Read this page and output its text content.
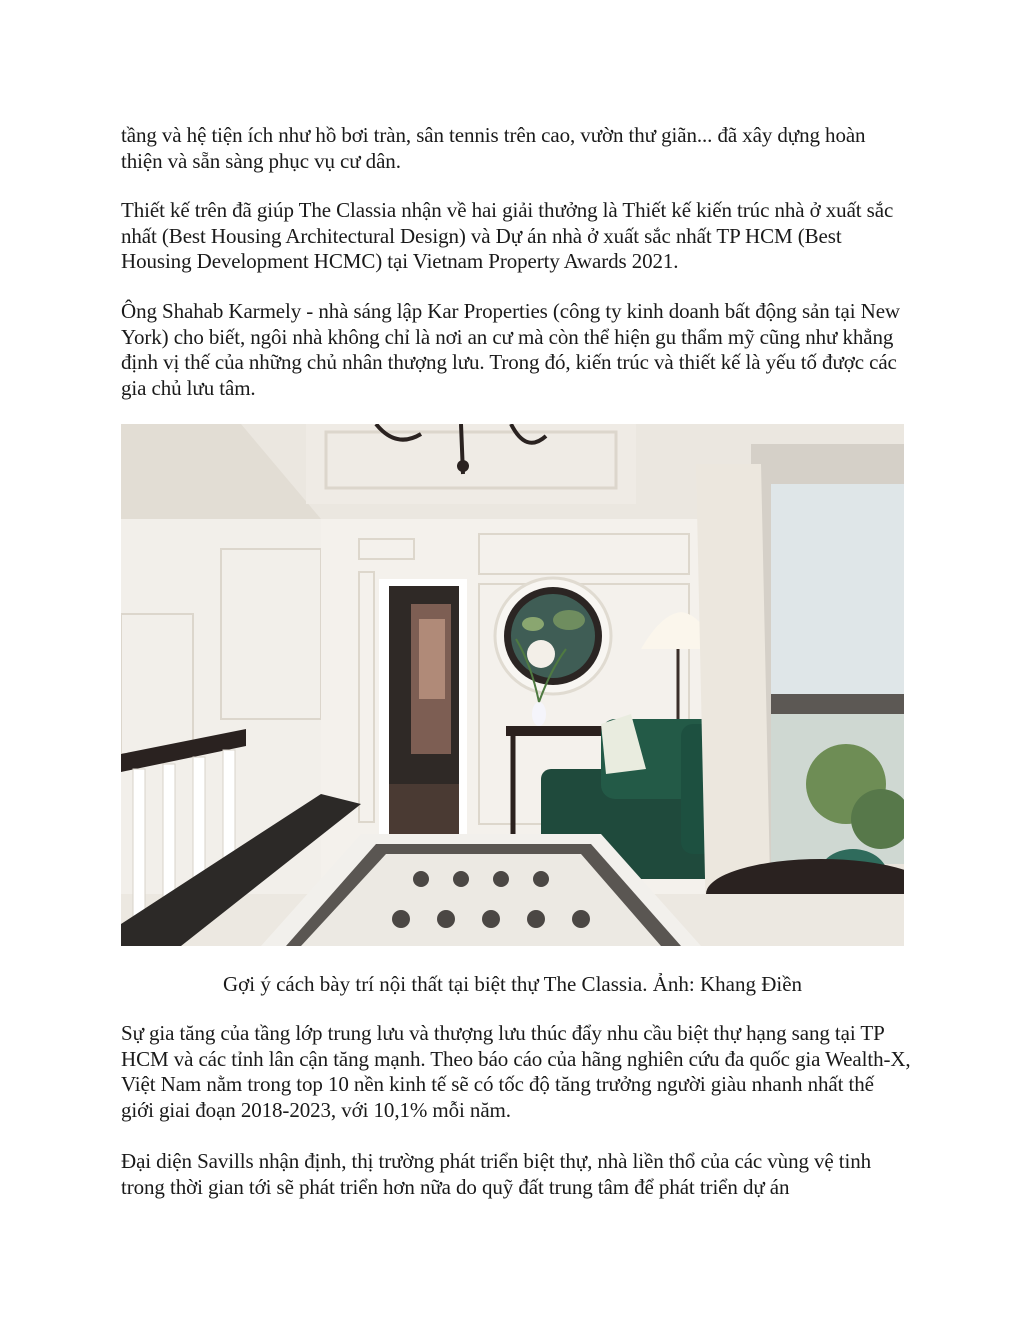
tầng và hệ tiện ích như hồ bơi tràn, sân tennis trên cao, vườn thư giãn... đã xây dựng hoàn thiện và sẵn sàng phục vụ cư dân.

Thiết kế trên đã giúp The Classia nhận về hai giải thưởng là Thiết kế kiến trúc nhà ở xuất sắc nhất (Best Housing Architectural Design) và Dự án nhà ở xuất sắc nhất TP HCM (Best Housing Development HCMC) tại Vietnam Property Awards 2021.

Ông Shahab Karmely - nhà sáng lập Kar Properties (công ty kinh doanh bất động sản tại New York) cho biết, ngôi nhà không chỉ là nơi an cư mà còn thể hiện gu thẩm mỹ cũng như khẳng định vị thế của những chủ nhân thượng lưu. Trong đó, kiến trúc và thiết kế là yếu tố được các gia chủ lưu tâm.

Gợi ý cách bày trí nội thất tại biệt thự The Classia. Ảnh: Khang Điền

Sự gia tăng của tầng lớp trung lưu và thượng lưu thúc đẩy nhu cầu biệt thự hạng sang tại TP HCM và các tỉnh lân cận tăng mạnh. Theo báo cáo của hãng nghiên cứu đa quốc gia Wealth-X, Việt Nam nằm trong top 10 nền kinh tế sẽ có tốc độ tăng trưởng người giàu nhanh nhất thế giới giai đoạn 2018-2023, với 10,1% mỗi năm.

Đại diện Savills nhận định, thị trường phát triển biệt thự, nhà liền thổ của các vùng vệ tinh trong thời gian tới sẽ phát triển hơn nữa do quỹ đất trung tâm để phát triển dự án
